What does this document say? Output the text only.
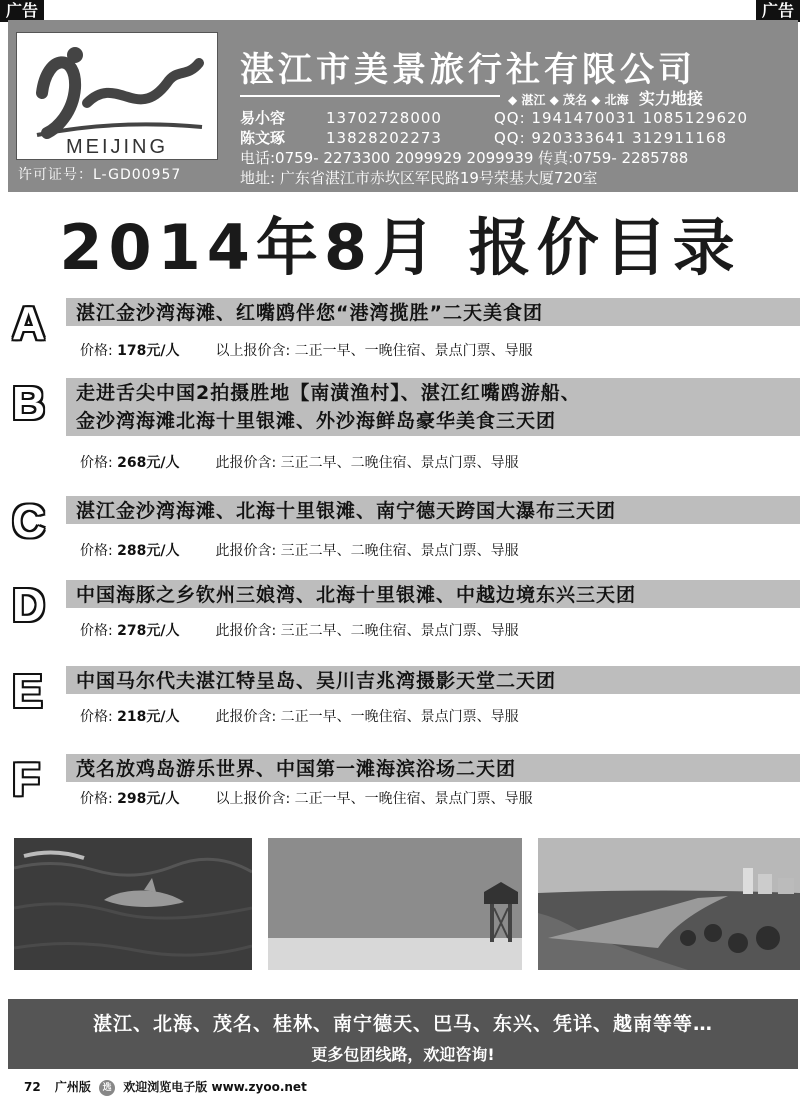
广告	广告
MEIJING
许可证号：L-GD00957
湛江市美景旅行社有限公司
◆ 湛江 ◆ 茂名 ◆ 北海 实力地接
易小容	13702728000	QQ: 1941470031 1085129620
陈文琢	13828202273	QQ: 920333641 312911168
电话:0759- 2273300 2099929 2099939 传真:0759- 2285788
地址: 广东省湛江市赤坎区军民路19号荣基大厦720室
2014年8月 报价目录
A 湛江金沙湾海滩、红嘴鸥伴您“港湾揽胜”二天美食团
价格: 178元/人	以上报价含: 二正一早、一晚住宿、景点门票、导服
B 走进舌尖中国2拍摄胜地【南潢渔村】、湛江红嘴鸥游船、
金沙湾海滩北海十里银滩、外沙海鲜岛豪华美食三天团
价格: 268元/人	此报价含: 三正二早、二晚住宿、景点门票、导服
C 湛江金沙湾海滩、北海十里银滩、南宁德天跨国大瀑布三天团
价格: 288元/人	此报价含: 三正二早、二晚住宿、景点门票、导服
D 中国海豚之乡钦州三娘湾、北海十里银滩、中越边境东兴三天团
价格: 278元/人	此报价含: 三正二早、二晚住宿、景点门票、导服
E 中国马尔代夫湛江特呈岛、吴川吉兆湾摄影天堂二天团
价格: 218元/人	此报价含: 二正一早、一晚住宿、景点门票、导服
F 茂名放鸡岛游乐世界、中国第一滩海滨浴场二天团
价格: 298元/人	以上报价含: 二正一早、一晚住宿、景点门票、导服
湛江、北海、茂名、桂林、南宁德天、巴马、东兴、凭详、越南等等…
更多包团线路，欢迎咨询!
72 广州版 选 欢迎浏览电子版 www.zyoo.net
